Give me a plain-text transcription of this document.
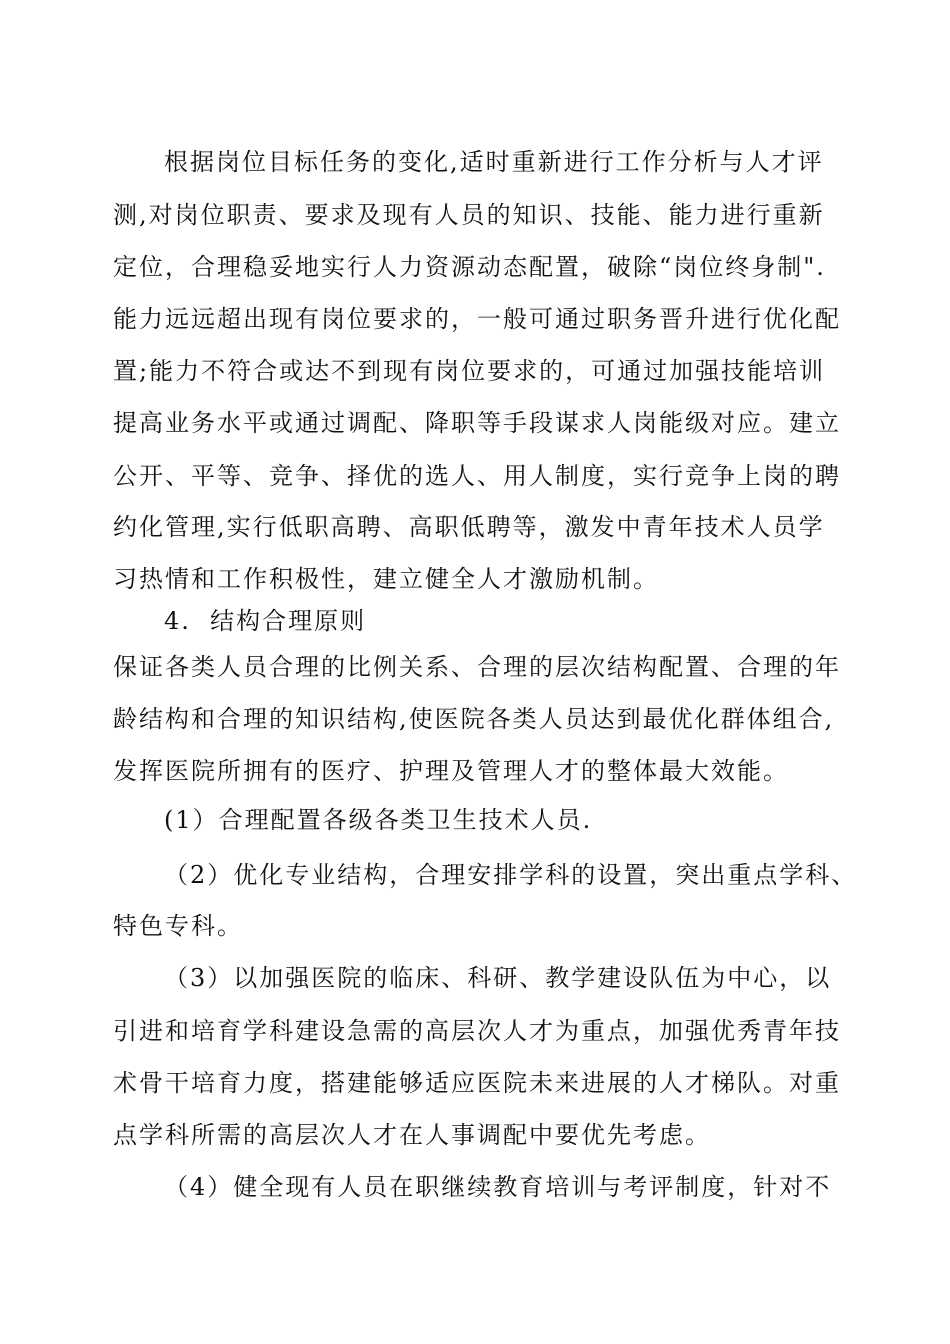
根据岗位目标任务的变化,适时重新进行工作分析与人才评
测,对岗位职责、要求及现有人员的知识、技能、能力进行重新
定位，合理稳妥地实行人力资源动态配置，破除“岗位终身制".
能力远远超出现有岗位要求的，一般可通过职务晋升进行优化配
置;能力不符合或达不到现有岗位要求的，可通过加强技能培训
提高业务水平或通过调配、降职等手段谋求人岗能级对应。建立
公开、平等、竞争、择优的选人、用人制度，实行竞争上岗的聘
约化管理,实行低职高聘、高职低聘等，激发中青年技术人员学
习热情和工作积极性，建立健全人才激励机制。
4.  结构合理原则
保证各类人员合理的比例关系、合理的层次结构配置、合理的年
龄结构和合理的知识结构,使医院各类人员达到最优化群体组合,
发挥医院所拥有的医疗、护理及管理人才的整体最大效能。
(1）合理配置各级各类卫生技术人员.
（2）优化专业结构，合理安排学科的设置，突出重点学科、
特色专科。
（3）以加强医院的临床、科研、教学建设队伍为中心，以
引进和培育学科建设急需的高层次人才为重点，加强优秀青年技
术骨干培育力度，搭建能够适应医院未来进展的人才梯队。对重
点学科所需的高层次人才在人事调配中要优先考虑。
（4）健全现有人员在职继续教育培训与考评制度，针对不
